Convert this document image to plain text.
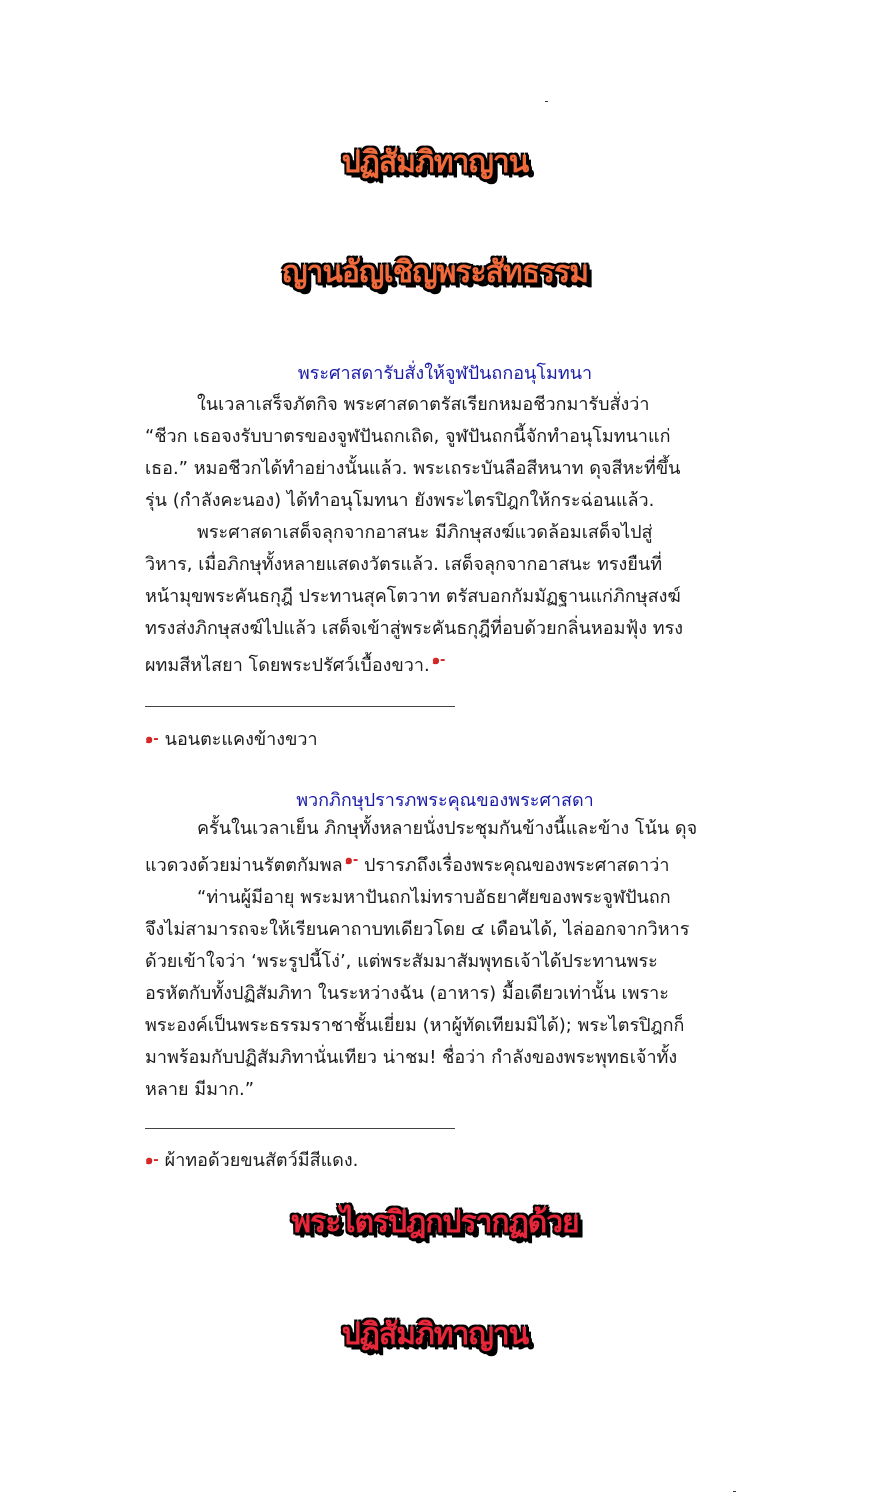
ปฏิสัมภิทาญาน
ญานอัญเชิญพระสัทธรรม
พระศาสดารับสั่งให้จูฬปันถกอนุโมทนา
ในเวลาเสร็จภัตกิจ พระศาสดาตรัสเรียกหมอชีวกมารับสั่งว่า
“ชีวก เธอจงรับบาตรของจูฬปันถกเถิด, จูฬปันถกนี้จักทำอนุโมทนาแก่
เธอ.” หมอชีวกได้ทำอย่างนั้นแล้ว. พระเถระบันลือสีหนาท ดุจสีหะที่ขึ้น
รุ่น (กำลังคะนอง) ได้ทำอนุโมทนา ยังพระไตรปิฎกให้กระฉ่อนแล้ว.
พระศาสดาเสด็จลุกจากอาสนะ มีภิกษุสงฆ์แวดล้อมเสด็จไปสู่
วิหาร, เมื่อภิกษุทั้งหลายแสดงวัตรแล้ว. เสด็จลุกจากอาสนะ ทรงยืนที่
หน้ามุขพระคันธกุฎี ประทานสุคโตวาท ตรัสบอกกัมมัฏฐานแก่ภิกษุสงฆ์
ทรงส่งภิกษุสงฆ์ไปแล้ว เสด็จเข้าสู่พระคันธกุฎีที่อบด้วยกลิ่นหอมฟุ้ง ทรง
ผทมสีหไสยา โดยพระปรัศว์เบื้องขวา. $^{๑-}$
๑- นอนตะแคงข้างขวา
พวกภิกษุปรารภพระคุณของพระศาสดา
ครั้นในเวลาเย็น ภิกษุทั้งหลายนั่งประชุมกันข้างนี้และข้าง โน้น ดุจ
แวดวงด้วยม่านรัตตกัมพล $^{๑-}$ ปรารภถึงเรื่องพระคุณของพระศาสดาว่า
“ท่านผู้มีอายุ พระมหาปันถกไม่ทราบอัธยาศัยของพระจูฬปันถก
จึงไม่สามารถจะให้เรียนคาถาบทเดียวโดย ๔ เดือนได้, ไล่ออกจากวิหาร
ด้วยเข้าใจว่า ‘พระรูปนี้โง่’, แต่พระสัมมาสัมพุทธเจ้าได้ประทานพระ
อรหัตกับทั้งปฏิสัมภิทา ในระหว่างฉัน (อาหาร) มื้อเดียวเท่านั้น เพราะ
พระองค์เป็นพระธรรมราชาชั้นเยี่ยม (หาผู้ทัดเทียมมิได้); พระไตรปิฎกก็
มาพร้อมกับปฏิสัมภิทานั่นเทียว น่าชม! ชื่อว่า กำลังของพระพุทธเจ้าทั้ง
หลาย มีมาก.”
๑- ผ้าทอด้วยขนสัตว์มีสีแดง.
พระไตรปิฎกปรากฏด้วย
ปฏิสัมภิทาญาน
